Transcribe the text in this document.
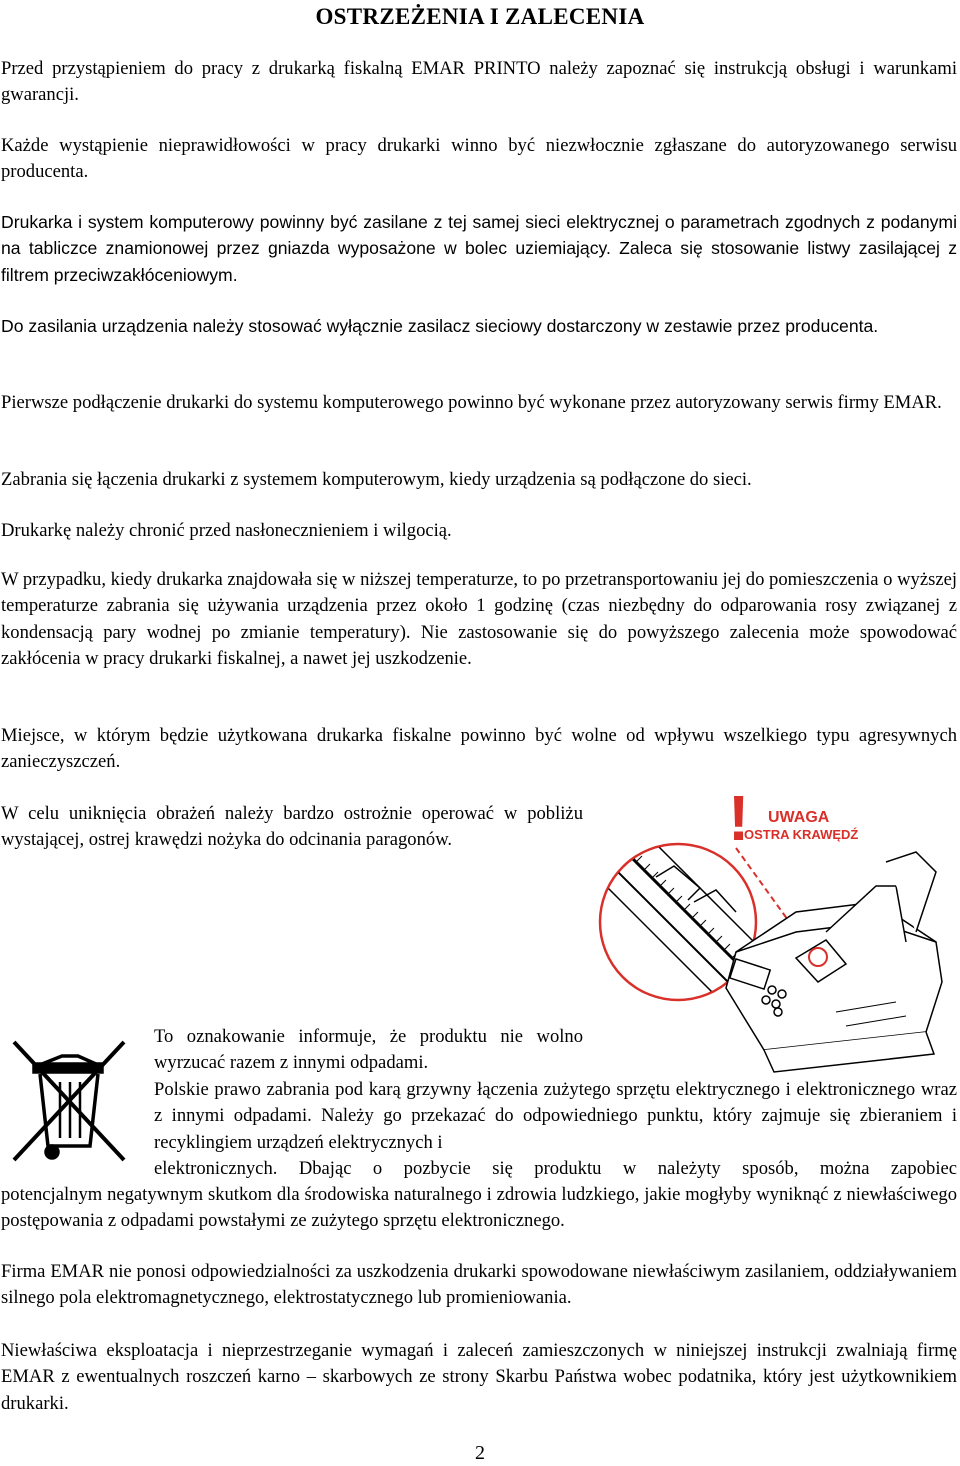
OSTRZEŻENIA I ZALECENIA

Przed przystąpieniem do pracy z drukarką fiskalną EMAR PRINTO należy zapoznać się instrukcją obsługi i warunkami gwarancji.

Każde wystąpienie nieprawidłowości w pracy drukarki winno być niezwłocznie zgłaszane do autoryzowanego serwisu producenta.

Drukarka i system komputerowy powinny być zasilane z tej samej sieci elektrycznej o parametrach zgodnych z podanymi na tabliczce znamionowej przez gniazda wyposażone w bolec uziemiający. Zaleca się stosowanie listwy zasilającej z filtrem przeciwzakłóceniowym.

Do zasilania urządzenia należy stosować wyłącznie zasilacz sieciowy dostarczony w zestawie przez producenta.

Pierwsze podłączenie drukarki do systemu komputerowego powinno być wykonane przez autoryzowany serwis firmy EMAR.

Zabrania się łączenia drukarki z systemem komputerowym, kiedy urządzenia są podłączone do sieci.

Drukarkę należy chronić przed nasłonecznieniem i wilgocią.

W przypadku, kiedy drukarka znajdowała się w niższej temperaturze, to po przetransportowaniu jej do pomieszczenia o wyższej temperaturze zabrania się używania urządzenia przez około 1 godzinę (czas niezbędny do odparowania rosy związanej z kondensacją pary wodnej po zmianie temperatury). Nie zastosowanie się do powyższego zalecenia może spowodować zakłócenia w pracy drukarki fiskalnej, a nawet jej uszkodzenie.

Miejsce, w którym będzie użytkowana drukarka fiskalne powinno być wolne od wpływu wszelkiego typu agresywnych zanieczyszczeń.

W celu uniknięcia obrażeń należy bardzo ostrożnie operować w pobliżu wystającej, ostrej krawędzi nożyka do odcinania paragonów.	! UWAGA
OSTRA KRAWĘDŹ

To oznakowanie informuje, że produktu nie wolno wyrzucać razem z innymi odpadami.

Polskie prawo zabrania pod karą grzywny łączenia zużytego sprzętu elektrycznego i elektronicznego wraz z innymi odpadami. Należy go przekazać do odpowiedniego punktu, który zajmuje się zbieraniem i recyklingiem urządzeń elektrycznych i

elektronicznych. Dbając o pozbycie się produktu w należyty sposób, można zapobiec

potencjalnym negatywnym skutkom dla środowiska naturalnego i zdrowia ludzkiego, jakie mogłyby wyniknąć z niewłaściwego postępowania z odpadami powstałymi ze zużytego sprzętu elektronicznego.

Firma EMAR nie ponosi odpowiedzialności za uszkodzenia drukarki spowodowane niewłaściwym zasilaniem, oddziaływaniem silnego pola elektromagnetycznego, elektrostatycznego lub promieniowania.

Niewłaściwa eksploatacja i nieprzestrzeganie wymagań i zaleceń zamieszczonych w niniejszej instrukcji zwalniają firmę EMAR z ewentualnych roszczeń karno – skarbowych ze strony Skarbu Państwa wobec podatnika, który jest użytkownikiem drukarki.

2
